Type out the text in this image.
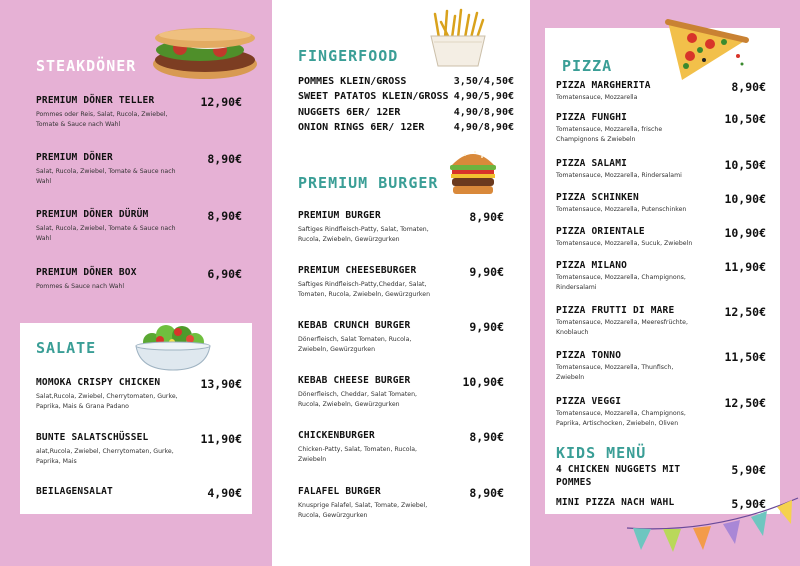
STEAKDÖNER
PREMIUM DÖNER TELLER	12,90€
Pommes oder Reis, Salat, Rucola, Zwiebel, Tomate & Sauce nach Wahl
PREMIUM DÖNER	8,90€
Salat, Rucola, Zwiebel, Tomate & Sauce nach Wahl
PREMIUM DÖNER DÜRÜM	8,90€
Salat, Rucola, Zwiebel, Tomate & Sauce nach Wahl
PREMIUM DÖNER BOX	6,90€
Pommes & Sauce nach Wahl
SALATE
MOMOKA CRISPY CHICKEN	13,90€
Salat,Rucola, Zwiebel, Cherrytomaten, Gurke, Paprika, Mais & Grana Padano
BUNTE SALATSCHÜSSEL	11,90€
alat,Rucola, Zwiebel, Cherrytomaten, Gurke, Paprika, Mais
BEILAGENSALAT	4,90€
FINGERFOOD
POMMES KLEIN/GROSS	3,50/4,50€
SWEET PATATOS KLEIN/GROSS 4,90/5,90€
NUGGETS 6ER/ 12ER	4,90/8,90€
ONION RINGS 6ER/ 12ER	4,90/8,90€
PREMIUM BURGER
PREMIUM BURGER	8,90€
Saftiges Rindfleisch-Patty, Salat, Tomaten, Rucola, Zwiebeln, Gewürzgurken
PREMIUM CHEESEBURGER	9,90€
Saftiges Rindfleisch-Patty,Cheddar, Salat, Tomaten, Rucola, Zwiebeln, Gewürzgurken
KEBAB CRUNCH BURGER	9,90€
Dönerfleisch, Salat Tomaten, Rucola, Zwiebeln, Gewürzgurken
KEBAB CHEESE BURGER	10,90€
Dönerfleisch, Cheddar, Salat Tomaten, Rucola, Zwiebeln, Gewürzgurken
CHICKENBURGER	8,90€
Chicken-Patty, Salat, Tomaten, Rucola, Zwiebeln
FALAFEL BURGER	8,90€
Knusprige Falafel, Salat, Tomate, Zwiebel, Rucola, Gewürzgurken
PIZZA
PIZZA MARGHERITA	8,90€
Tomatensauce, Mozzarella
PIZZA FUNGHI	10,50€
Tomatensauce, Mozzarella, frische Champignons & Zwiebeln
PIZZA SALAMI	10,50€
Tomatensauce, Mozzarella, Rindersalami
PIZZA SCHINKEN	10,90€
Tomatensauce, Mozzarella, Putenschinken
PIZZA ORIENTALE	10,90€
Tomatensauce, Mozzarella, Sucuk, Zwiebeln
PIZZA MILANO	11,90€
Tomatensauce, Mozzarella, Champignons, Rindersalami
PIZZA FRUTTI DI MARE	12,50€
Tomatensauce, Mozzarella, Meeresfrüchte, Knoblauch
PIZZA TONNO	11,50€
Tomatensauce, Mozzarella, Thunfisch, Zwiebeln
PIZZA VEGGI	12,50€
Tomatensauce, Mozzarella, Champignons, Paprika, Artischocken, Zwiebeln, Oliven
KIDS MENÜ
4 CHICKEN NUGGETS MIT POMMES
5,90€
MINI PIZZA NACH WAHL	5,90€
